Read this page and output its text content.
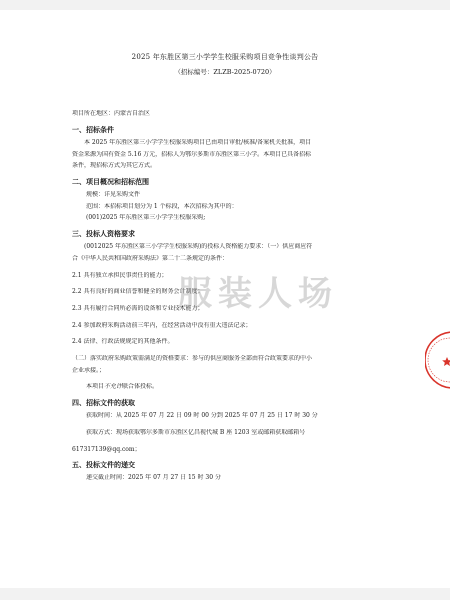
2025 年东胜区第三小学学生校服采购项目竞争性谈判公告
（招标编号：ZLZB-2025-0720）

项目所在地区：内蒙古自治区

一、招标条件

本 2025 年东胜区第三小学学生校服采购项目已由项目审批/核准/备案机关批准，项目

资金来源为国有资金 5.16 万元，招标人为鄂尔多斯市东胜区第三小学。本项目已具备招标

条件，现招标方式为其它方式。

二、项目概况和招标范围

规模：详见采购文件

范围：本招标项目划分为 1 个标段，本次招标为其中的：

(001)2025 年东胜区第三小学学生校服采购;

三、投标人资格要求

(0012025 年东胜区第三小学学生校服采购)的投标人资格能力要求：（一）供应商应符

合《中华人民共和国政府采购法》第二十二条规定的条件：

2.1 具有独立承担民事责任的能力；

2.2 具有良好的商业信誉和健全的财务会计制度；

2.3 具有履行合同所必需的设备和专业技术能力；

2.4 参加政府采购活动前三年内，在经营活动中没有重大违法记录；

2.4 法律、行政法规规定的其他条件。

（二）落实政府采购政策需满足的资格要求：参与的供应商服务全部由符合政策要求的中小

企业承接。；

本项目不允许联合体投标。

四、招标文件的获取

获取时间：从 2025 年 07 月 22 日 09 时 00 分到 2025 年 07 月 25 日 17 时 30 分

获取方式：现场获取鄂尔多斯市东胜区亿昌视代城 B 座 1203 室或邮箱获取邮箱号

617317139@qq.com；

五、投标文件的递交

递交截止时间：2025 年 07 月 27 日 15 时 30 分

服装人场
